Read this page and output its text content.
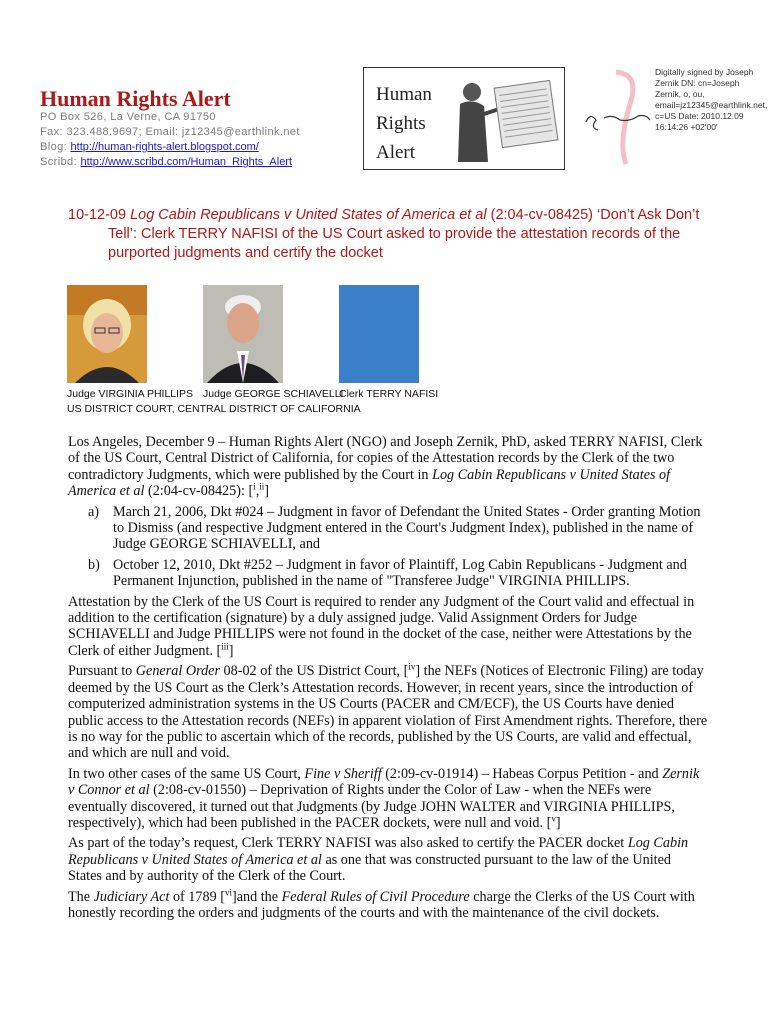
Human Rights Alert
PO Box 526, La Verne, CA 91750
Fax: 323.488.9697; Email: jz12345@earthlink.net
Blog: http://human-rights-alert.blogspot.com/
Scribd: http://www.scribd.com/Human_Rights_Alert
Human
Rights
Alert
Digitally signed by Joseph Zernik DN: cn=Joseph Zernik, o, ou, email=jz12345@earthlink.net, c=US Date: 2010.12.09 16:14:26 +02'00'
10-12-09 Log Cabin Republicans v United States of America et al (2:04-cv-08425) ‘Don’t Ask Don’t
Tell’: Clerk TERRY NAFISI of the US Court asked to provide the attestation records of the
purported judgments and certify the docket
Judge VIRGINIA PHILLIPS Judge GEORGE SCHIAVELLI
Clerk TERRY NAFISI
US DISTRICT COURT, CENTRAL DISTRICT OF CALIFORNIA

Los Angeles, December 9 – Human Rights Alert (NGO) and Joseph Zernik, PhD, asked TERRY NAFISI, Clerk of the US Court, Central District of California, for copies of the Attestation records by the Clerk of the two contradictory Judgments, which were published by the Court in Log Cabin Republicans v United States of America et al (2:04-cv-08425): [$^i$,$^{ii}$]

a) March 21, 2006, Dkt #024 – Judgment in favor of Defendant the United States - Order granting Motion to Dismiss (and respective Judgment entered in the Court's Judgment Index), published in the name of Judge GEORGE SCHIAVELLI, and
b) October 12, 2010, Dkt #252 – Judgment in favor of Plaintiff, Log Cabin Republicans - Judgment and Permanent Injunction, published in the name of "Transferee Judge" VIRGINIA PHILLIPS.

Attestation by the Clerk of the US Court is required to render any Judgment of the Court valid and effectual in addition to the certification (signature) by a duly assigned judge. Valid Assignment Orders for Judge SCHIAVELLI and Judge PHILLIPS were not found in the docket of the case, neither were Attestations by the Clerk of either Judgment. [$^{iii}$]

Pursuant to General Order 08-02 of the US District Court, [$^{iv}$] the NEFs (Notices of Electronic Filing) are today deemed by the US Court as the Clerk’s Attestation records. However, in recent years, since the introduction of computerized administration systems in the US Courts (PACER and CM/ECF), the US Courts have denied public access to the Attestation records (NEFs) in apparent violation of First Amendment rights. Therefore, there is no way for the public to ascertain which of the records, published by the US Courts, are valid and effectual, and which are null and void.

In two other cases of the same US Court, Fine v Sheriff (2:09-cv-01914) – Habeas Corpus Petition - and Zernik v Connor et al (2:08-cv-01550) – Deprivation of Rights under the Color of Law - when the NEFs were eventually discovered, it turned out that Judgments (by Judge JOHN WALTER and VIRGINIA PHILLIPS, respectively), which had been published in the PACER dockets, were null and void. [$^v$]

As part of the today’s request, Clerk TERRY NAFISI was also asked to certify the PACER docket Log Cabin Republicans v United States of America et al as one that was constructed pursuant to the law of the United States and by authority of the Clerk of the Court.

The Judiciary Act of 1789 [$^{vi}$]and the Federal Rules of Civil Procedure charge the Clerks of the US Court with honestly recording the orders and judgments of the courts and with the maintenance of the civil dockets.
